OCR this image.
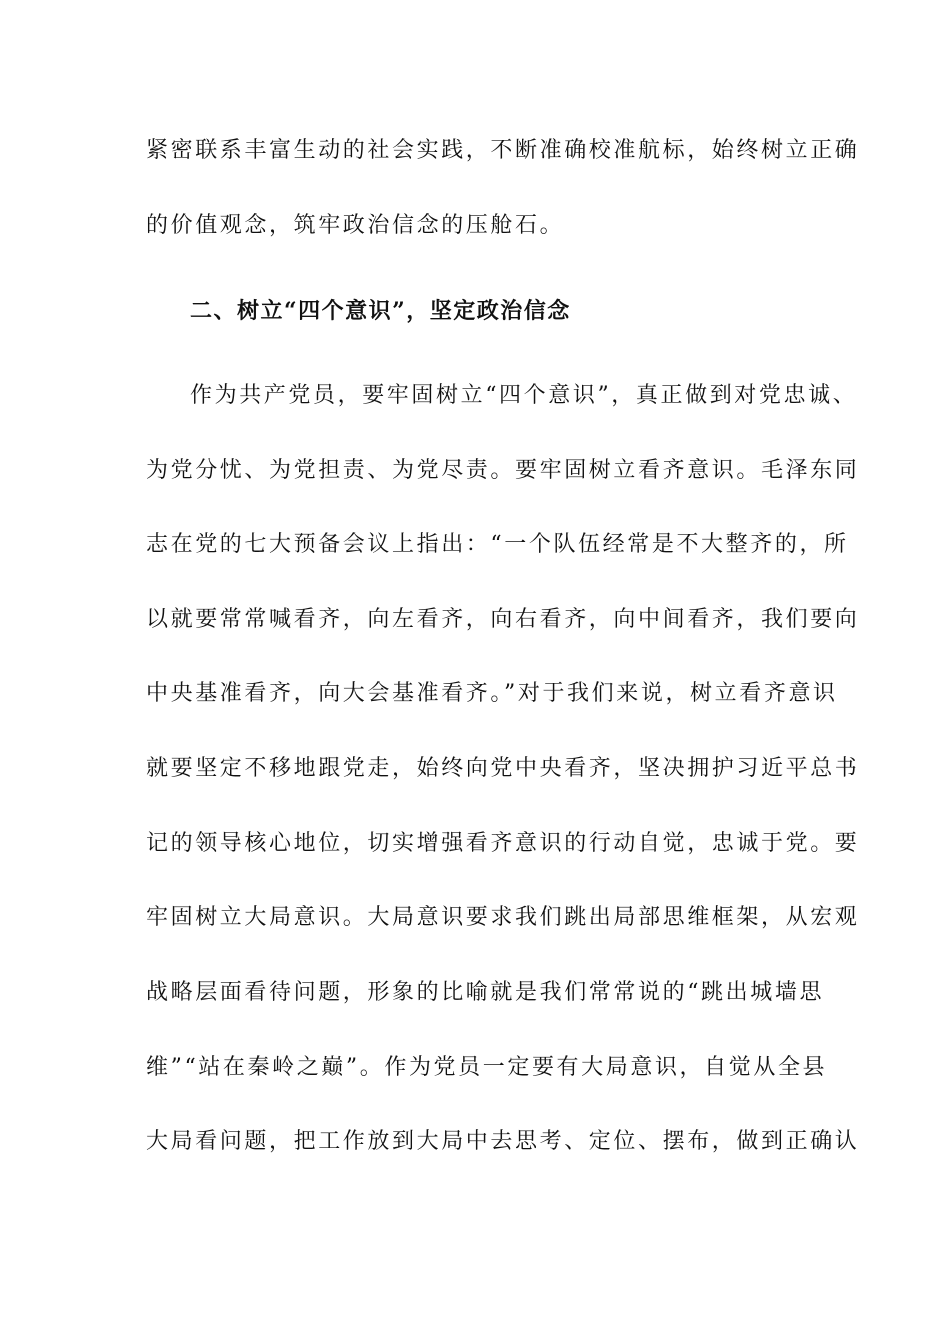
紧密联系丰富生动的社会实践，不断准确校准航标，始终树立正确
的价值观念，筑牢政治信念的压舱石。
二、树立“四个意识”，坚定政治信念
作为共产党员，要牢固树立“四个意识”，真正做到对党忠诚、
为党分忧、为党担责、为党尽责。要牢固树立看齐意识。毛泽东同
志在党的七大预备会议上指出：“一个队伍经常是不大整齐的，所
以就要常常喊看齐，向左看齐，向右看齐，向中间看齐，我们要向
中央基准看齐，向大会基准看齐。”对于我们来说，树立看齐意识
就要坚定不移地跟党走，始终向党中央看齐，坚决拥护习近平总书
记的领导核心地位，切实增强看齐意识的行动自觉，忠诚于党。要
牢固树立大局意识。大局意识要求我们跳出局部思维框架，从宏观
战略层面看待问题，形象的比喻就是我们常常说的“跳出城墙思
维”“站在秦岭之巅”。作为党员一定要有大局意识，自觉从全县
大局看问题，把工作放到大局中去思考、定位、摆布，做到正确认
